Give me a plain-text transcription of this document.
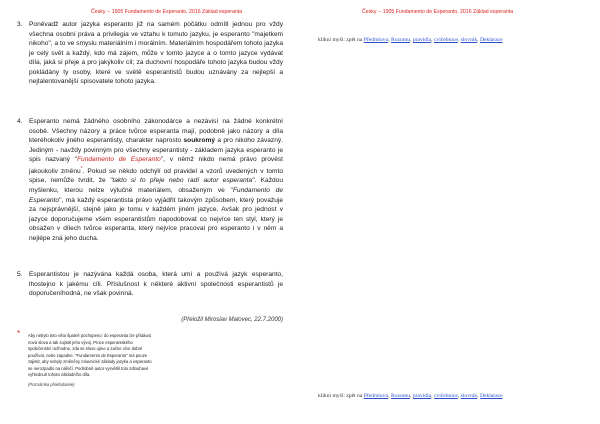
Česky -- 1905 Fundamento de Esperanto, 2016 Základ esperanta
3. Poněvadž autor jazyka esperanto již na samém počátku odmítl jednou pro vždy všechna osobní práva a privilegia ve vztahu k tomuto jazyku, je esperanto "majetkem nikoho", a to ve smyslu materiálním i morálním. Materiálním hospodářem tohoto jazyka je celý svět a každý, kdo má zájem, může v tomto jazyce a o tomto jazyce vydávat díla, jaká si přeje a pro jakýkoliv cíl; za duchovní hospodáře tohoto jazyka budou vždy pokládány ty osoby, které ve světě esperantistů budou uznávány za nejlepší a nejtalentovanější spisovatele tohoto jazyka.
4. Esperanto nemá žádného osobního zákonodárce a nezávisí na žádné konkrétní osobě. Všechny názory a práce tvůrce esperanta mají, podobně jako názory a díla kteréhokoliv jiného esperantisty, charakter naprosto soukromý a pro nikoho závazný. Jediným - navždy povinným pro všechny esperantisty - základem jazyka esperanto je spis nazvaný "Fundamento de Esperanto", v němž nikdo nemá právo provést jakoukoliv změnu*. Pokud se někdo odchýlí od pravidel a vzorů uvedených v tomto spise, nemůže tvrdit, že "takto si to přeje nebo radí autor esperanta". Každou myšlenku, kterou nelze výlučně materiálem, obsaženým ve "Fundamento de Esperanto", má každý esperantista právo vyjádřit takovým způsobem, který považuje za nejsprávnější, stejně jako je tomu v každém jiném jazyce. Avšak pro jednost v jazyce doporučujeme všem esperantistům napodobovat co nejvíce ten styl, který je obsažen v dílech tvůrce esperanta, který nejvíce pracoval pro esperanto i v něm a nejlépe zná jeho ducha.
5. Esperantistou je nazývána každá osoba, která umí a používá jazyk esperanto, lhostejno k jakému cíli. Příslušnost k některé aktivní společnosti esperantistů je doporučeníhodná, ne však povinná.
(Přeložil Miroslav Malovec, 22.7.2000)
* Aby nebylo toto věta špatně pochopeno: do esperanta lze přidávat nová slova a tak zajistit jeho vývoj. Proce esperantského společenství rozhodne, zda se slovo ujme a začne více dobré používat, nebo zapadne. "Fundamento de Esperanto" má pouze zajistit, aby nebyly změněny mluvnické základy jazyka a esperanto se nerozpadlo na nářečí. Podrobně autor vysvětlil toto zdlouhavé vyhlednutí tohoto základního díla.
(Poznámka překladatele)
Česky -- 1905 Fundamento de Esperanto, 2016 Základ esperanta
klikni myší: zpět na Předmluvu, Rozumu, pravidla, cvičebnice, slovník, Deklarace
klikni myší: zpět na Předmluvu, Rozumu, pravidla, cvičebnice, slovník, Deklarace
